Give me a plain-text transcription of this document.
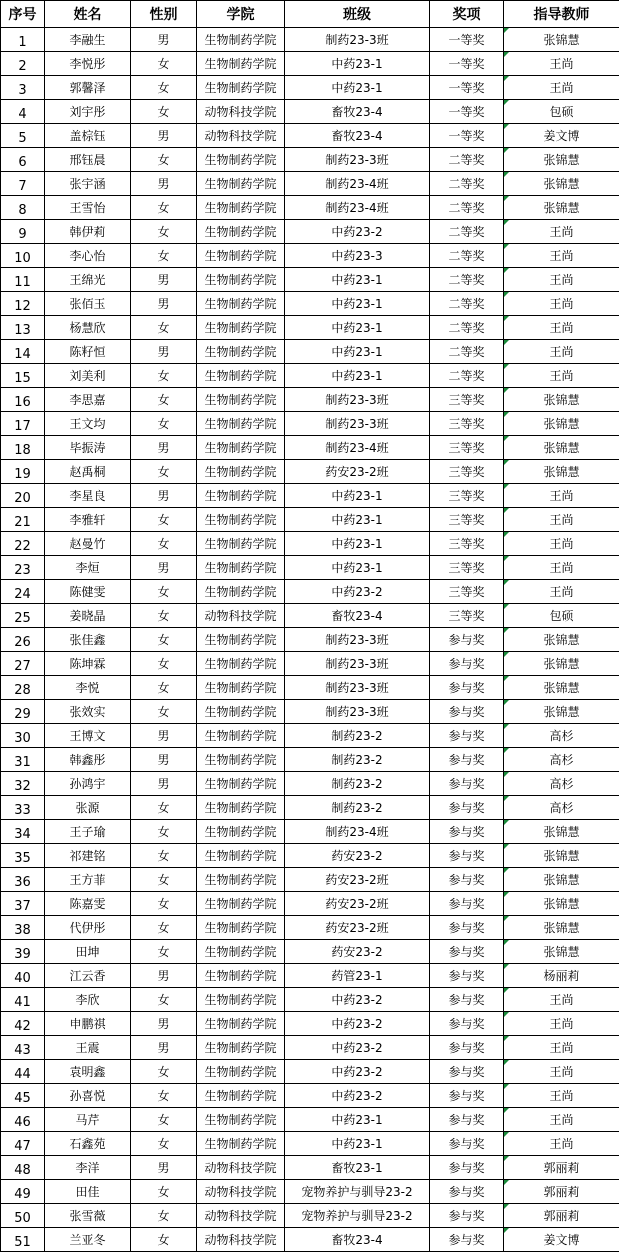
序号	姓名	性别	学院	班级	奖项	指导教师
1	李融生	男	生物制药学院	制药23-3班	一等奖	张锦慧
2	李悦彤	女	生物制药学院	中药23-1	一等奖	王尚
3	郭馨泽	女	生物制药学院	中药23-1	一等奖	王尚
4	刘宇彤	女	动物科技学院	畜牧23-4	一等奖	包硕
5	盖棕钰	男	动物科技学院	畜牧23-4	一等奖	姜文博
6	邢钰晨	女	生物制药学院	制药23-3班	二等奖	张锦慧
7	张宇涵	男	生物制药学院	制药23-4班	二等奖	张锦慧
8	王雪怡	女	生物制药学院	制药23-4班	二等奖	张锦慧
9	韩伊莉	女	生物制药学院	中药23-2	二等奖	王尚
10	李心怡	女	生物制药学院	中药23-3	二等奖	王尚
11	王绵光	男	生物制药学院	中药23-1	二等奖	王尚
12	张佰玉	男	生物制药学院	中药23-1	二等奖	王尚
13	杨慧欣	女	生物制药学院	中药23-1	二等奖	王尚
14	陈籽恒	男	生物制药学院	中药23-1	二等奖	王尚
15	刘美利	女	生物制药学院	中药23-1	二等奖	王尚
16	李思嘉	女	生物制药学院	制药23-3班	三等奖	张锦慧
17	王文均	女	生物制药学院	制药23-3班	三等奖	张锦慧
18	毕振涛	男	生物制药学院	制药23-4班	三等奖	张锦慧
19	赵禹桐	女	生物制药学院	药安23-2班	三等奖	张锦慧
20	李星良	男	生物制药学院	中药23-1	三等奖	王尚
21	李雅轩	女	生物制药学院	中药23-1	三等奖	王尚
22	赵曼竹	女	生物制药学院	中药23-1	三等奖	王尚
23	李烜	男	生物制药学院	中药23-1	三等奖	王尚
24	陈健雯	女	生物制药学院	中药23-2	三等奖	王尚
25	姜晓晶	女	动物科技学院	畜牧23-4	三等奖	包硕
26	张佳鑫	女	生物制药学院	制药23-3班	参与奖	张锦慧
27	陈坤霖	女	生物制药学院	制药23-3班	参与奖	张锦慧
28	李悦	女	生物制药学院	制药23-3班	参与奖	张锦慧
29	张效实	女	生物制药学院	制药23-3班	参与奖	张锦慧
30	王博文	男	生物制药学院	制药23-2	参与奖	高杉
31	韩鑫彤	男	生物制药学院	制药23-2	参与奖	高杉
32	孙鸿宇	男	生物制药学院	制药23-2	参与奖	高杉
33	张源	女	生物制药学院	制药23-2	参与奖	高杉
34	王子瑜	女	生物制药学院	制药23-4班	参与奖	张锦慧
35	祁建铭	女	生物制药学院	药安23-2	参与奖	张锦慧
36	王方菲	女	生物制药学院	药安23-2班	参与奖	张锦慧
37	陈嘉雯	女	生物制药学院	药安23-2班	参与奖	张锦慧
38	代伊彤	女	生物制药学院	药安23-2班	参与奖	张锦慧
39	田坤	女	生物制药学院	药安23-2	参与奖	张锦慧
40	江云香	男	生物制药学院	药管23-1	参与奖	杨丽莉
41	李欣	女	生物制药学院	中药23-2	参与奖	王尚
42	申鹏祺	男	生物制药学院	中药23-2	参与奖	王尚
43	王震	男	生物制药学院	中药23-2	参与奖	王尚
44	袁明鑫	女	生物制药学院	中药23-2	参与奖	王尚
45	孙喜悦	女	生物制药学院	中药23-2	参与奖	王尚
46	马芹	女	生物制药学院	中药23-1	参与奖	王尚
47	石鑫苑	女	生物制药学院	中药23-1	参与奖	王尚
48	李洋	男	动物科技学院	畜牧23-1	参与奖	郭丽莉
49	田佳	女	动物科技学院	宠物养护与驯导23-2	参与奖	郭丽莉
50	张雪薇	女	动物科技学院	宠物养护与驯导23-2	参与奖	郭丽莉
51	兰亚冬	女	动物科技学院	畜牧23-4	参与奖	姜文博
